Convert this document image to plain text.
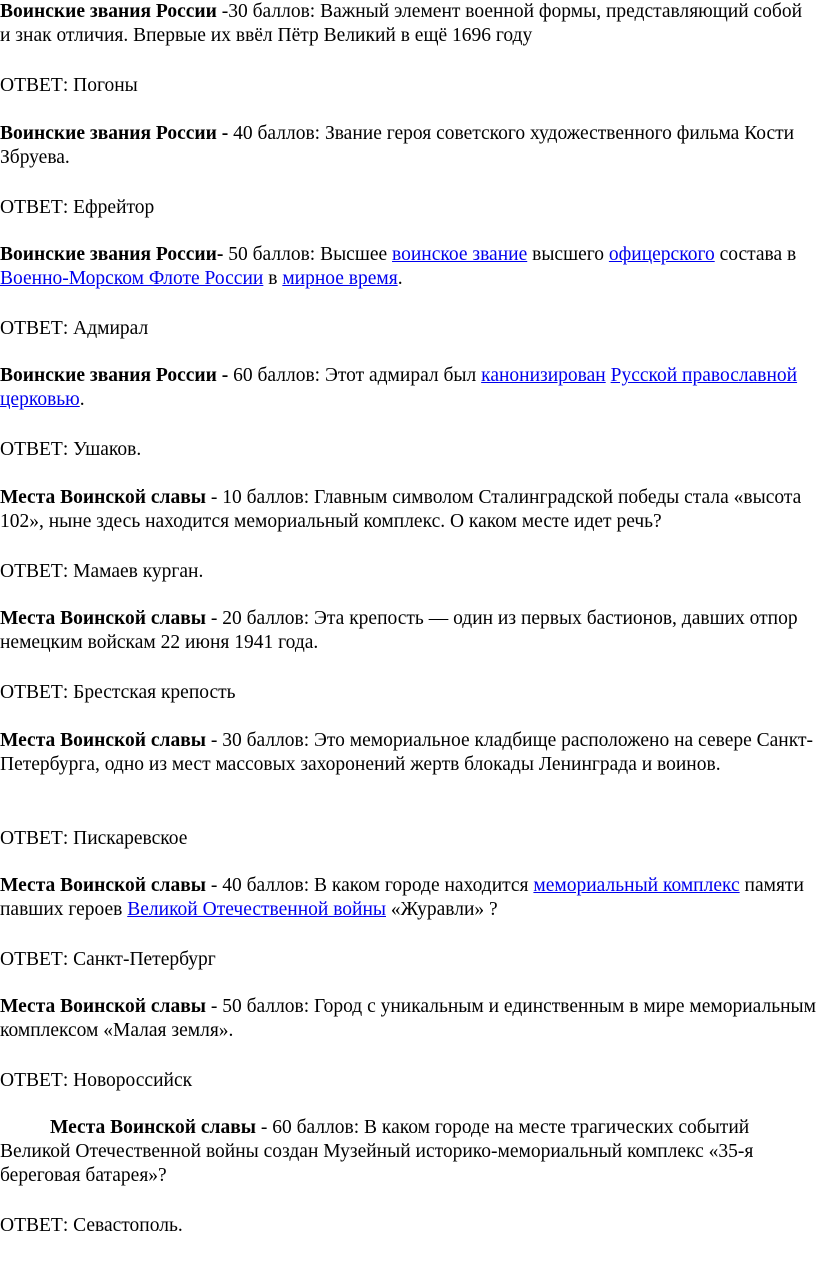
Воинские звания России -30 баллов: Важный элемент военной формы, представляющий собой и знак отличия. Впервые их ввёл Пётр Великий в ещё 1696 году

ОТВЕТ: Погоны

Воинские звания России - 40 баллов: Звание героя советского художественного фильма Кости Збруева.

ОТВЕТ: Ефрейтор

Воинские звания России- 50 баллов: Высшее воинское звание высшего офицерского состава в Военно-Морском Флоте России в мирное время.

ОТВЕТ: Адмирал

Воинские звания России - 60 баллов: Этот адмирал был канонизирован Русской православной церковью.

ОТВЕТ: Ушаков.

Места Воинской славы - 10 баллов: Главным символом Сталинградской победы стала «высота 102», ныне здесь находится мемориальный комплекс. О каком месте идет речь?

ОТВЕТ: Мамаев курган.

Места Воинской славы - 20 баллов: Эта крепость — один из первых бастионов, давших отпор немецким войскам 22 июня 1941 года.

ОТВЕТ: Брестская крепость

Места Воинской славы - 30 баллов: Это мемориальное кладбище расположено на севере Санкт-Петербурга, одно из мест массовых захоронений жертв блокады Ленинграда и воинов.

ОТВЕТ: Пискаревское

Места Воинской славы - 40 баллов: В каком городе находится мемориальный комплекс памяти павших героев Великой Отечественной войны «Журавли» ?

ОТВЕТ: Санкт-Петербург

Места Воинской славы - 50 баллов: Город с уникальным и единственным в мире мемориальным комплексом «Малая земля».

ОТВЕТ: Новороссийск

Места Воинской славы - 60 баллов: В каком городе на месте трагических событий Великой Отечественной войны создан Музейный историко-мемориальный комплекс «35-я береговая батарея»?

ОТВЕТ: Севастополь.
